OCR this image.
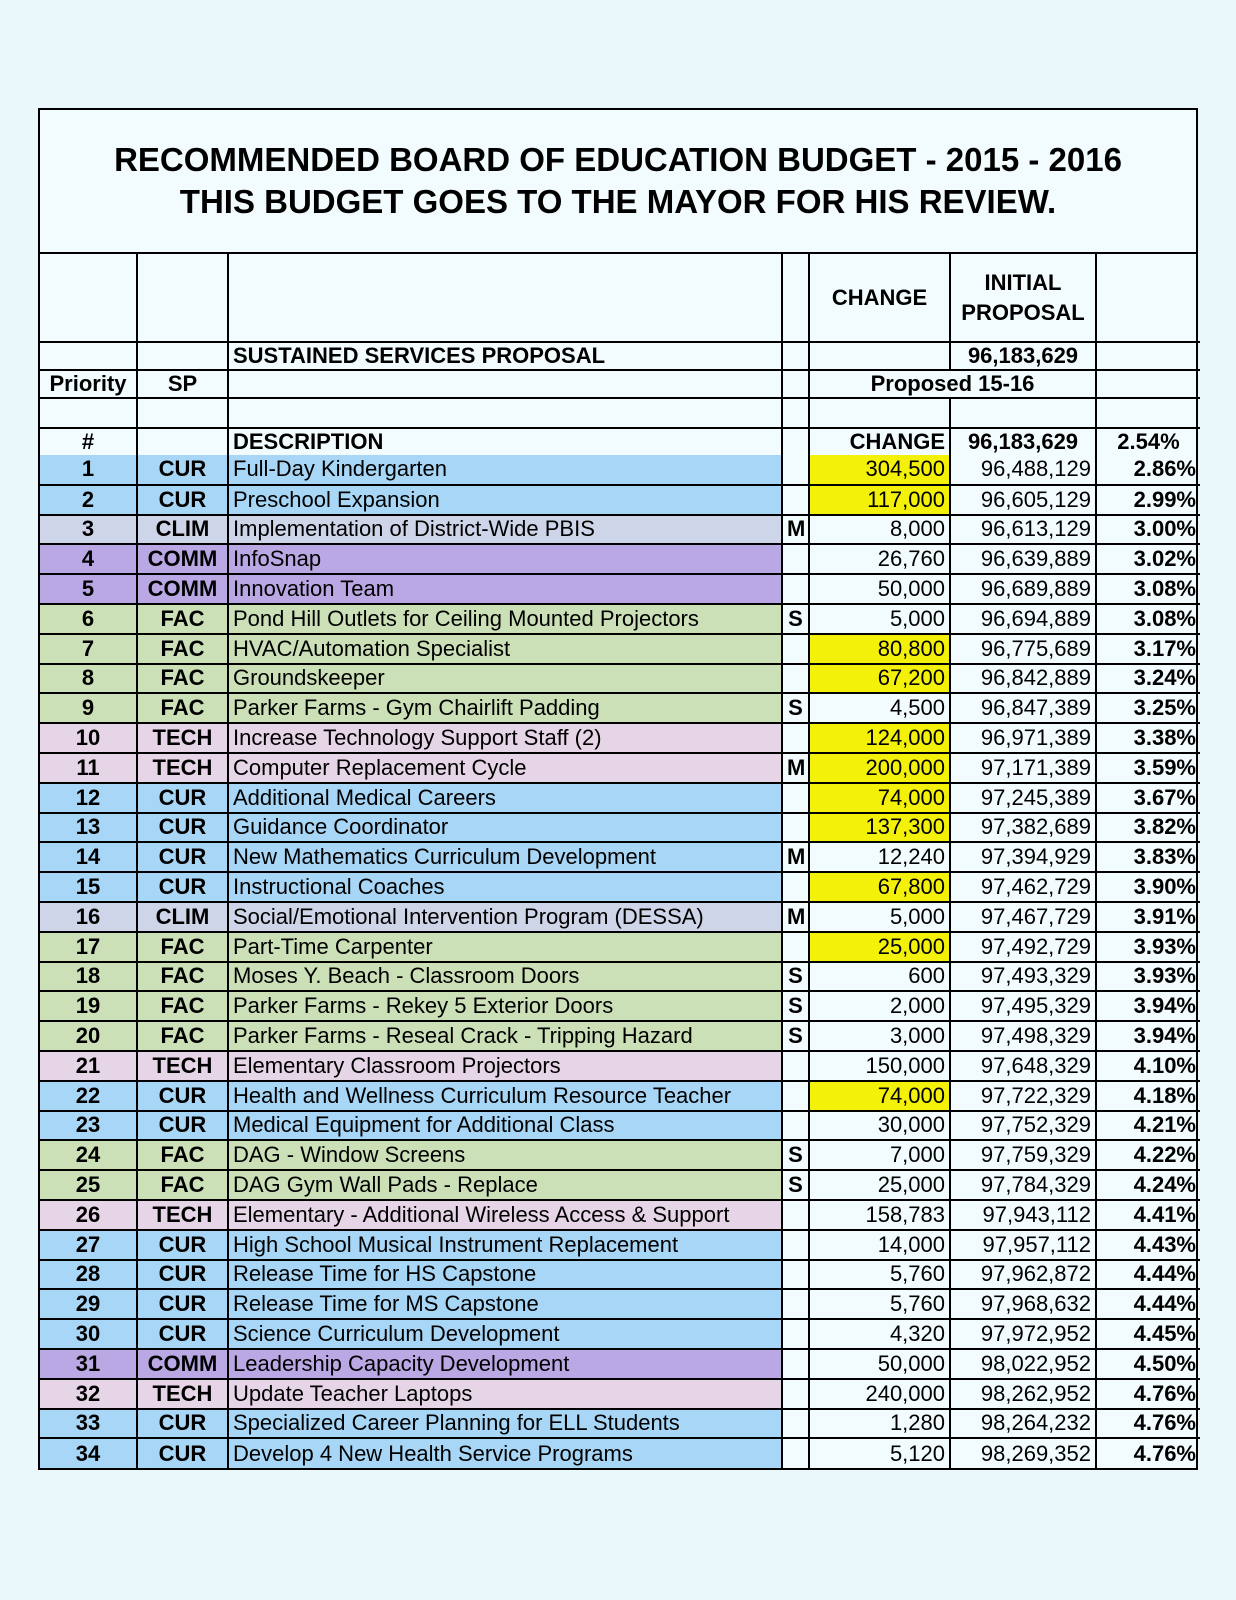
RECOMMENDED BOARD OF EDUCATION BUDGET - 2015 - 2016
THIS BUDGET GOES TO THE MAYOR FOR HIS REVIEW.
				CHANGE	INITIAL
PROPOSAL	

		SUSTAINED SERVICES PROPOSAL			96,183,629	
Priority	SP			Proposed 15-16		

#		DESCRIPTION		CHANGE	96,183,629	2.54%
1	CUR	Full-Day Kindergarten		304,500	96,488,129	2.86%
2	CUR	Preschool Expansion		117,000	96,605,129	2.99%
3	CLIM	Implementation of District-Wide PBIS	M	8,000	96,613,129	3.00%
4	COMM	InfoSnap		26,760	96,639,889	3.02%
5	COMM	Innovation Team		50,000	96,689,889	3.08%
6	FAC	Pond Hill Outlets for Ceiling Mounted Projectors	S	5,000	96,694,889	3.08%
7	FAC	HVAC/Automation Specialist		80,800	96,775,689	3.17%
8	FAC	Groundskeeper		67,200	96,842,889	3.24%
9	FAC	Parker Farms - Gym Chairlift Padding	S	4,500	96,847,389	3.25%
10	TECH	Increase Technology Support Staff (2)		124,000	96,971,389	3.38%
11	TECH	Computer Replacement Cycle	M	200,000	97,171,389	3.59%
12	CUR	Additional Medical Careers		74,000	97,245,389	3.67%
13	CUR	Guidance Coordinator		137,300	97,382,689	3.82%
14	CUR	New Mathematics Curriculum Development	M	12,240	97,394,929	3.83%
15	CUR	Instructional Coaches		67,800	97,462,729	3.90%
16	CLIM	Social/Emotional Intervention Program (DESSA)	M	5,000	97,467,729	3.91%
17	FAC	Part-Time Carpenter		25,000	97,492,729	3.93%
18	FAC	Moses Y. Beach - Classroom Doors	S	600	97,493,329	3.93%
19	FAC	Parker Farms - Rekey 5 Exterior Doors	S	2,000	97,495,329	3.94%
20	FAC	Parker Farms - Reseal Crack - Tripping Hazard	S	3,000	97,498,329	3.94%
21	TECH	Elementary Classroom Projectors		150,000	97,648,329	4.10%
22	CUR	Health and Wellness Curriculum Resource Teacher		74,000	97,722,329	4.18%
23	CUR	Medical Equipment for Additional Class		30,000	97,752,329	4.21%
24	FAC	DAG - Window Screens	S	7,000	97,759,329	4.22%
25	FAC	DAG Gym Wall Pads - Replace	S	25,000	97,784,329	4.24%
26	TECH	Elementary - Additional Wireless Access & Support		158,783	97,943,112	4.41%
27	CUR	High School Musical Instrument Replacement		14,000	97,957,112	4.43%
28	CUR	Release Time for HS Capstone		5,760	97,962,872	4.44%
29	CUR	Release Time for MS Capstone		5,760	97,968,632	4.44%
30	CUR	Science Curriculum Development		4,320	97,972,952	4.45%
31	COMM	Leadership Capacity Development		50,000	98,022,952	4.50%
32	TECH	Update Teacher Laptops		240,000	98,262,952	4.76%
33	CUR	Specialized Career Planning for ELL Students		1,280	98,264,232	4.76%
34	CUR	Develop 4 New Health Service Programs		5,120	98,269,352	4.76%
